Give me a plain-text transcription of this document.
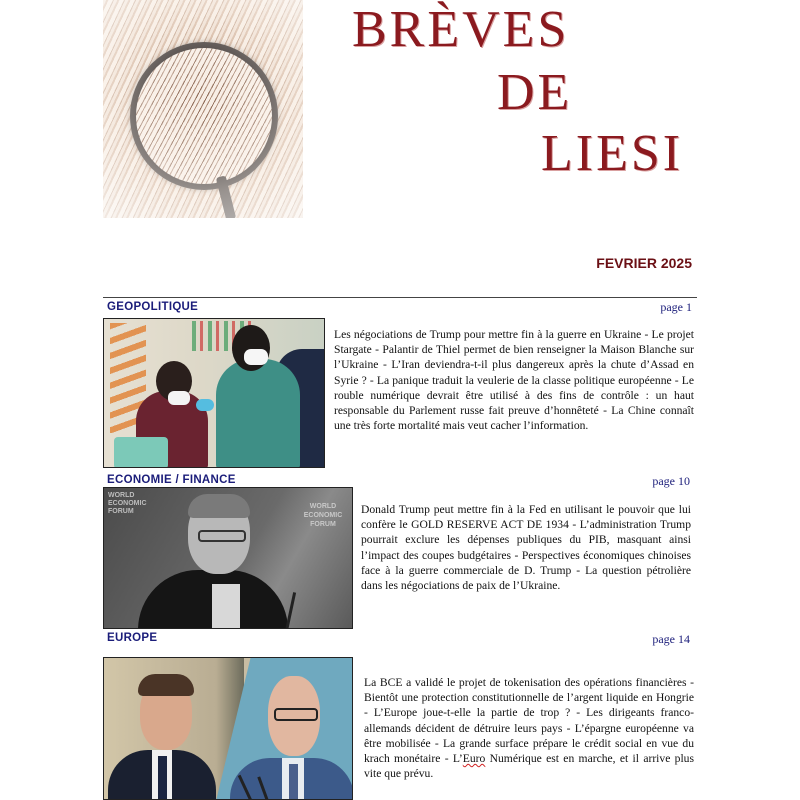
BRÈVES
DE
LIESI
FEVRIER 2025
GEOPOLITIQUE	page 1
Les négociations de Trump pour mettre fin à la guerre en Ukraine - Le projet Stargate - Palantir de Thiel permet de bien renseigner la Maison Blanche sur l’Ukraine - L’Iran deviendra-t-il plus dangereux après la chute d’Assad en Syrie ? - La panique traduit la veulerie de la classe politique européenne - Le rouble numérique devrait être utilisé à des fins de contrôle : un haut responsable du Parlement russe fait preuve d’honnêteté - La Chine connaît une très forte mortalité mais veut cacher l’information.
ECONOMIE / FINANCE	page 10
WORLD ECONOMIC FORUM
WORLD ECONOMIC FORUM
Donald Trump peut mettre fin à la Fed en utilisant le pouvoir que lui confère le GOLD RESERVE ACT DE 1934 - L’administration Trump pourrait exclure les dépenses publiques du PIB, masquant ainsi l’impact des coupes budgétaires - Perspectives économiques chinoises face à la guerre commerciale de D. Trump - La question pétrolière dans les négociations de paix de l’Ukraine.
EUROPE	page 14
La BCE a validé le projet de tokenisation des opérations financières - Bientôt une protection constitutionnelle de l’argent liquide en Hongrie - L’Europe joue-t-elle la partie de trop ? - Les dirigeants franco-allemands décident de détruire leurs pays - L’épargne européenne va être mobilisée - La grande surface prépare le crédit social en vue du krach monétaire - L’Euro Numérique est en marche, et il arrive plus vite que prévu.
